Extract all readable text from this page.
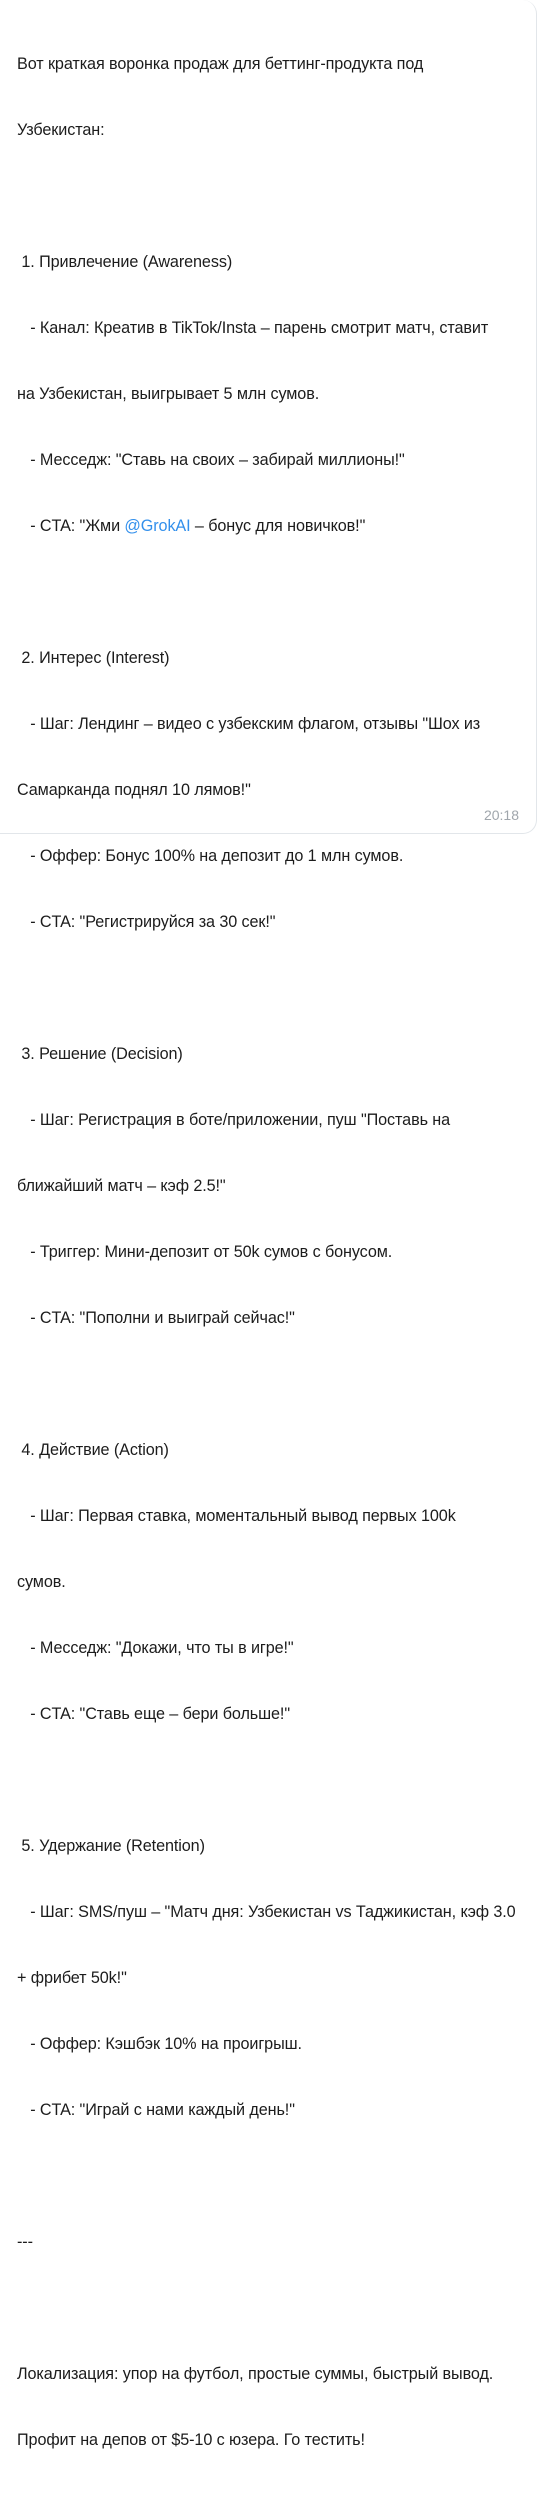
Вот краткая воронка продаж для беттинг-продукта под

Узбекистан:

1. Привлечение (Awareness)

- Канал: Креатив в TikTok/Insta – парень смотрит матч, ставит

на Узбекистан, выигрывает 5 млн сумов.

- Месседж: "Ставь на своих – забирай миллионы!"

- CTA: "Жми @GrokAI – бонус для новичков!"

2. Интерес (Interest)

- Шаг: Лендинг – видео с узбекским флагом, отзывы "Шох из

Самарканда поднял 10 лямов!"

- Оффер: Бонус 100% на депозит до 1 млн сумов.

- CTA: "Регистрируйся за 30 сек!"

3. Решение (Decision)

- Шаг: Регистрация в боте/приложении, пуш "Поставь на

ближайший матч – кэф 2.5!"

- Триггер: Мини-депозит от 50k сумов с бонусом.

- CTA: "Пополни и выиграй сейчас!"

4. Действие (Action)

- Шаг: Первая ставка, моментальный вывод первых 100k

сумов.

- Месседж: "Докажи, что ты в игре!"

- CTA: "Ставь еще – бери больше!"

5. Удержание (Retention)

- Шаг: SMS/пуш – "Матч дня: Узбекистан vs Таджикистан, кэф 3.0

+ фрибет 50k!"

- Оффер: Кэшбэк 10% на проигрыш.

- CTA: "Играй с нами каждый день!"

---

Локализация: упор на футбол, простые суммы, быстрый вывод.

Профит на депов от $5-10 с юзера. Го тестить!

20:18
